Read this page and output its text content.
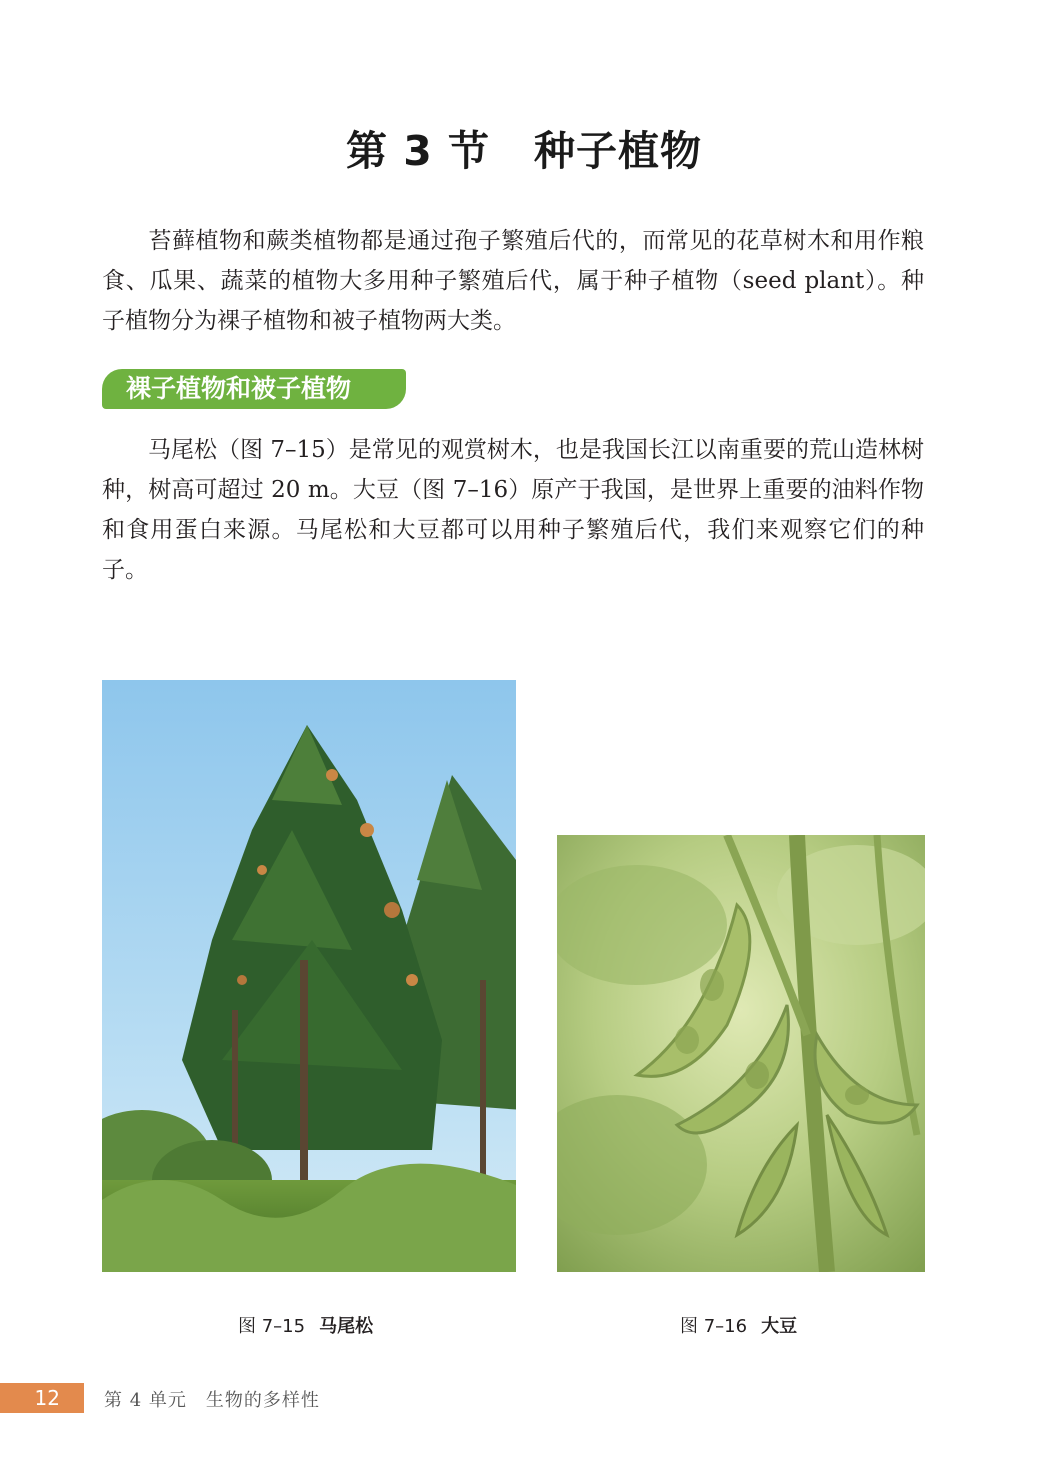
第 3 节 种子植物

苔藓植物和蕨类植物都是通过孢子繁殖后代的，而常见的花草树木和用作粮食、瓜果、蔬菜的植物大多用种子繁殖后代，属于种子植物（seed plant）。种子植物分为裸子植物和被子植物两大类。

裸子植物和被子植物

马尾松（图 7–15）是常见的观赏树木，也是我国长江以南重要的荒山造林树种，树高可超过 20 m。大豆（图 7–16）原产于我国，是世界上重要的油料作物和食用蛋白来源。马尾松和大豆都可以用种子繁殖后代，我们来观察它们的种子。

图 7–15 马尾松	图 7–16 大豆
12	第 4 单元　生物的多样性
